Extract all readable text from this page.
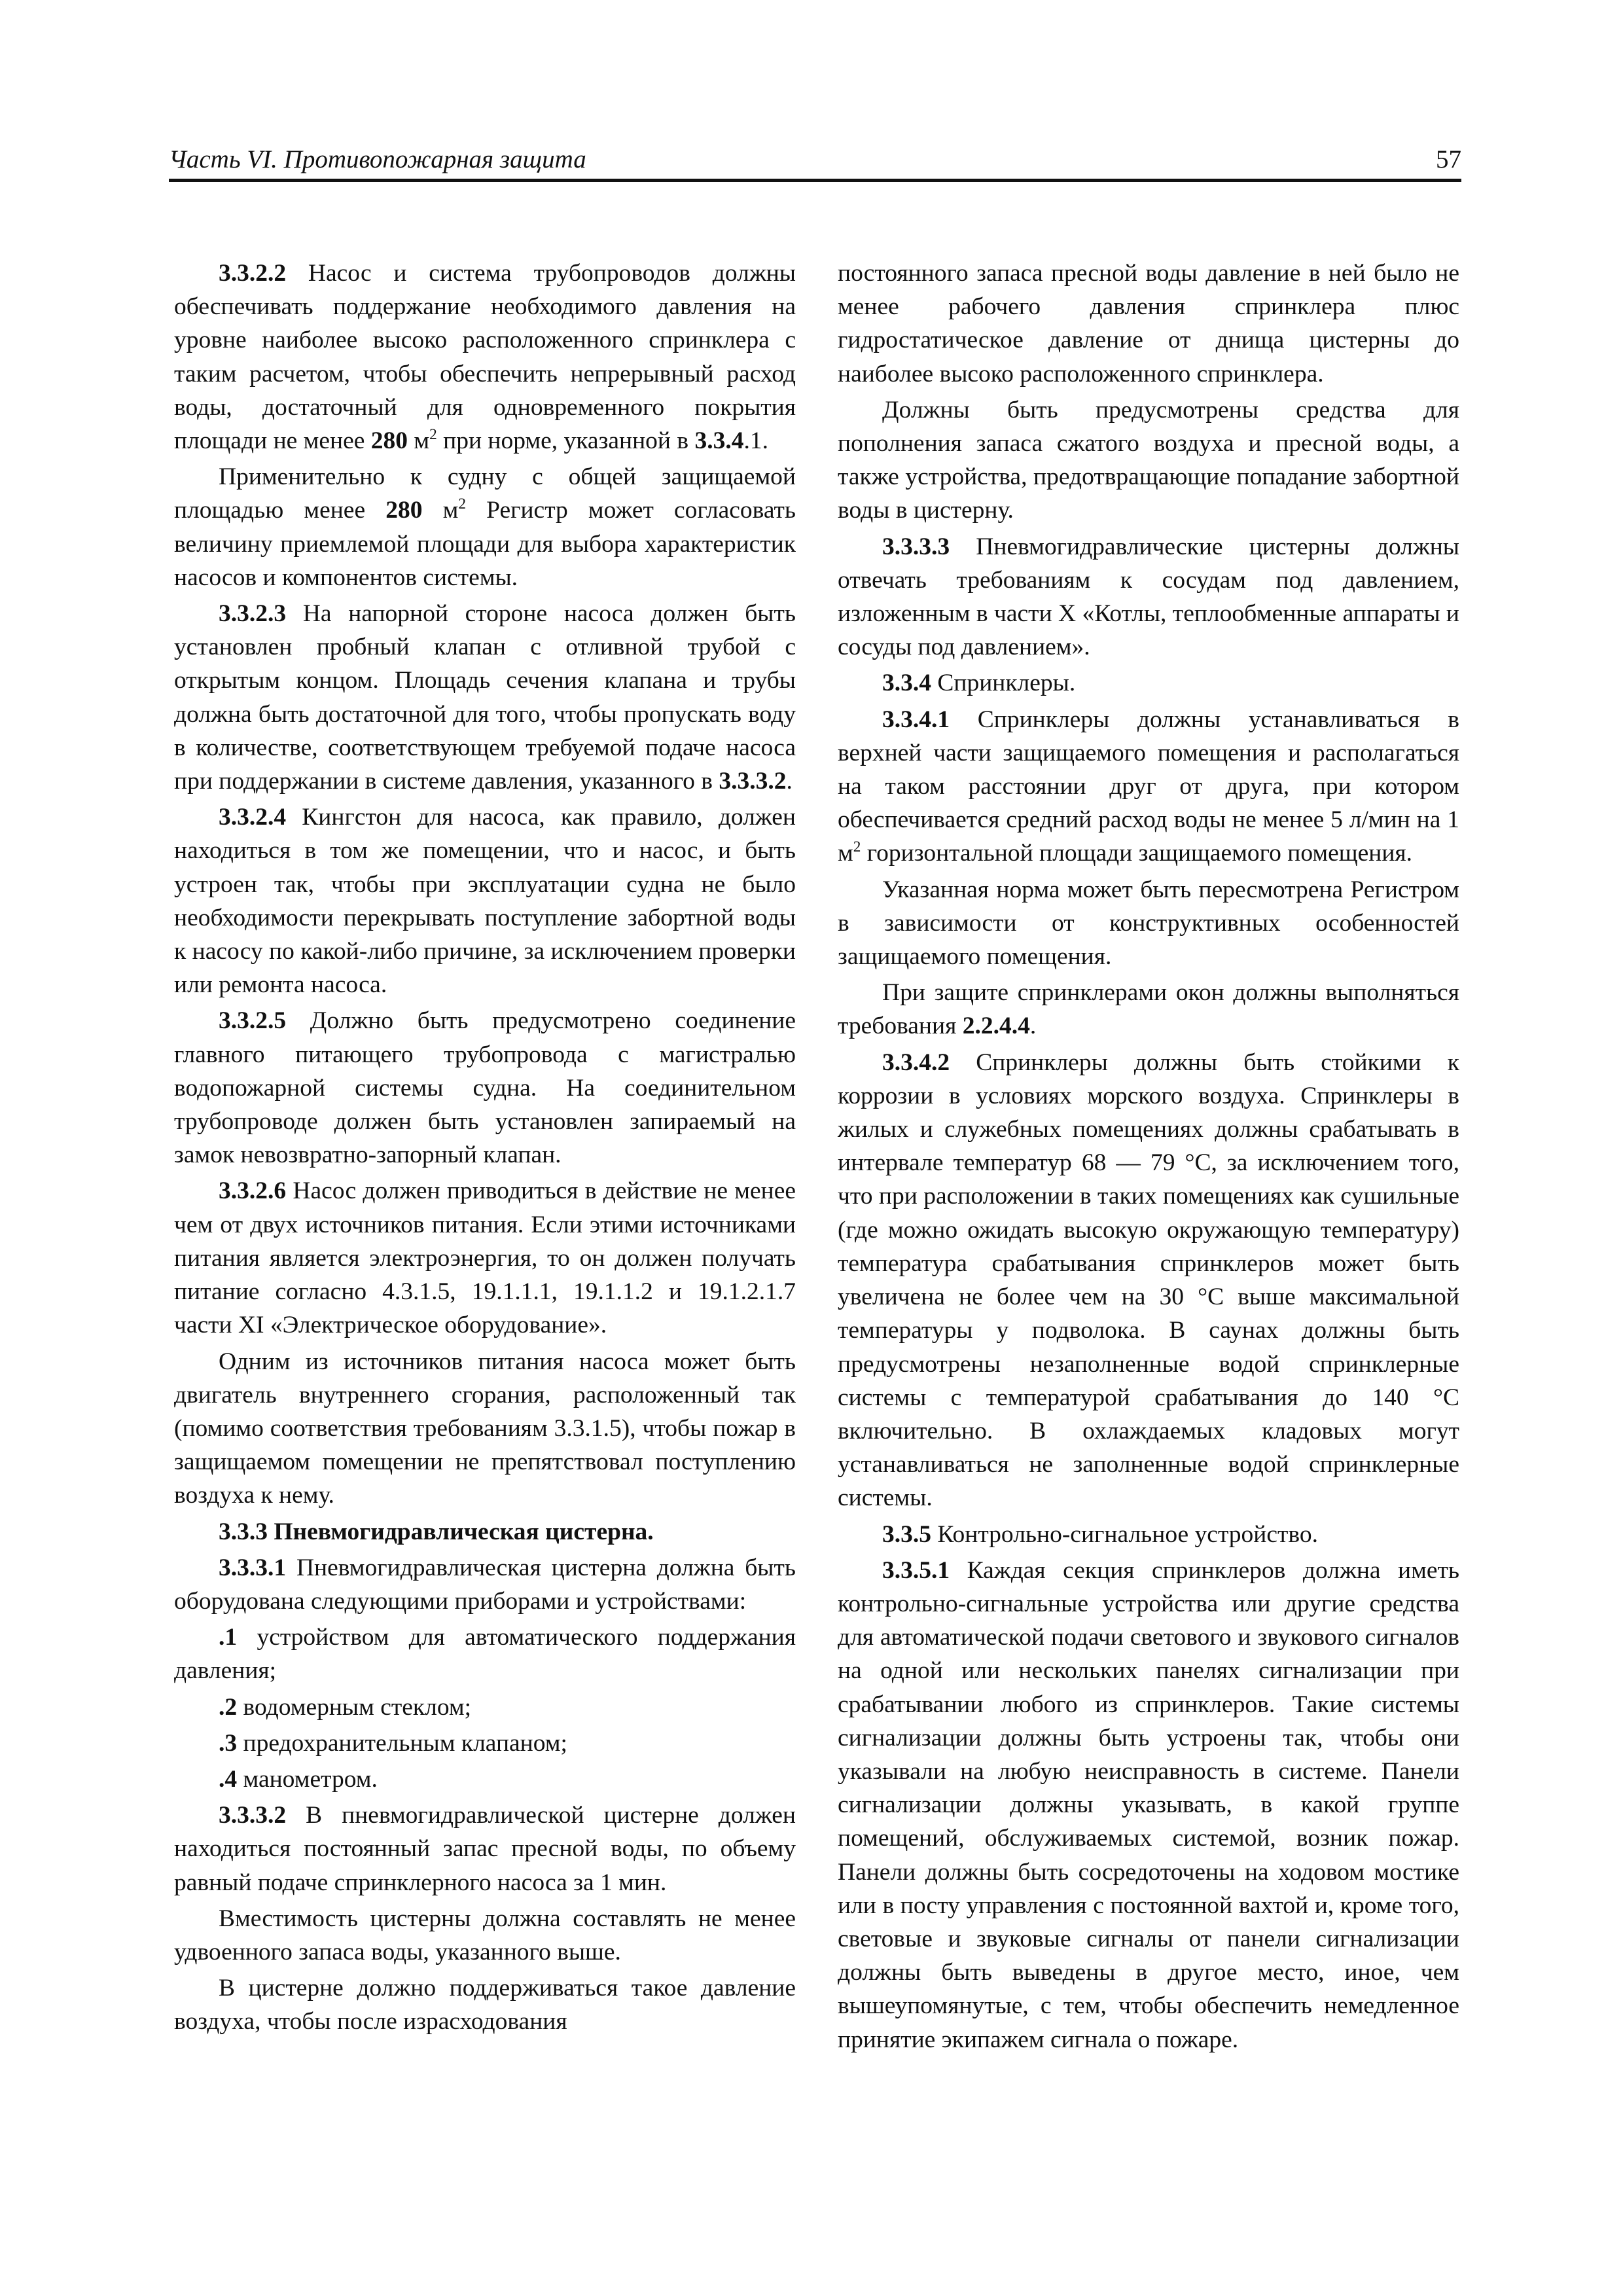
Часть VI. Противопожарная защита	57

3.3.2.2 Насос и система трубопроводов должны обеспечивать поддержание необходимого давления на уровне наиболее высоко расположенного спринклера с таким расчетом, чтобы обеспечить непрерывный расход воды, достаточный для одновременного покрытия площади не менее 280 $м^2$ при норме, указанной в 3.3.4.1.

Применительно к судну с общей защищаемой площадью менее 280 $м^2$ Регистр может согласовать величину приемлемой площади для выбора характеристик насосов и компонентов системы.

3.3.2.3 На напорной стороне насоса должен быть установлен пробный клапан с отливной трубой с открытым концом. Площадь сечения клапана и трубы должна быть достаточной для того, чтобы пропускать воду в количестве, соответствующем требуемой подаче насоса при поддержании в системе давления, указанного в 3.3.3.2.

3.3.2.4 Кингстон для насоса, как правило, должен находиться в том же помещении, что и насос, и быть устроен так, чтобы при эксплуатации судна не было необходимости перекрывать поступление забортной воды к насосу по какой-либо причине, за исключением проверки или ремонта насоса.

3.3.2.5 Должно быть предусмотрено соединение главного питающего трубопровода с магистралью водопожарной системы судна. На соединительном трубопроводе должен быть установлен запираемый на замок невозвратно-запорный клапан.

3.3.2.6 Насос должен приводиться в действие не менее чем от двух источников питания. Если этими источниками питания является электроэнергия, то он должен получать питание согласно 4.3.1.5, 19.1.1.1, 19.1.1.2 и 19.1.2.1.7 части XI «Электрическое оборудование».

Одним из источников питания насоса может быть двигатель внутреннего сгорания, расположенный так (помимо соответствия требованиям 3.3.1.5), чтобы пожар в защищаемом помещении не препятствовал поступлению воздуха к нему.

3.3.3 Пневмогидравлическая цистерна.

3.3.3.1 Пневмогидравлическая цистерна должна быть оборудована следующими приборами и устройствами:

.1 устройством для автоматического поддержания давления;

.2 водомерным стеклом;

.3 предохранительным клапаном;

.4 манометром.

3.3.3.2 В пневмогидравлической цистерне должен находиться постоянный запас пресной воды, по объему равный подаче спринклерного насоса за 1 мин.

Вместимость цистерны должна составлять не менее удвоенного запаса воды, указанного выше.

В цистерне должно поддерживаться такое давление воздуха, чтобы после израсходования

постоянного запаса пресной воды давление в ней было не менее рабочего давления спринклера плюс гидростатическое давление от днища цистерны до наиболее высоко расположенного спринклера.

Должны быть предусмотрены средства для пополнения запаса сжатого воздуха и пресной воды, а также устройства, предотвращающие попадание забортной воды в цистерну.

3.3.3.3 Пневмогидравлические цистерны должны отвечать требованиям к сосудам под давлением, изложенным в части X «Котлы, теплообменные аппараты и сосуды под давлением».

3.3.4 Спринклеры.

3.3.4.1 Спринклеры должны устанавливаться в верхней части защищаемого помещения и располагаться на таком расстоянии друг от друга, при котором обеспечивается средний расход воды не менее 5 л/мин на 1 $м^2$ горизонтальной площади защищаемого помещения.

Указанная норма может быть пересмотрена Регистром в зависимости от конструктивных особенностей защищаемого помещения.

При защите спринклерами окон должны выполняться требования 2.2.4.4.

3.3.4.2 Спринклеры должны быть стойкими к коррозии в условиях морского воздуха. Спринклеры в жилых и служебных помещениях должны срабатывать в интервале температур 68 — 79 °С, за исключением того, что при расположении в таких помещениях как сушильные (где можно ожидать высокую окружающую температуру) температура срабатывания спринклеров может быть увеличена не более чем на 30 °С выше максимальной температуры у подволока. В саунах должны быть предусмотрены незаполненные водой спринклерные системы с температурой срабатывания до 140 °С включительно. В охлаждаемых кладовых могут устанавливаться не заполненные водой спринклерные системы.

3.3.5 Контрольно-сигнальное устройство.

3.3.5.1 Каждая секция спринклеров должна иметь контрольно-сигнальные устройства или другие средства для автоматической подачи светового и звукового сигналов на одной или нескольких панелях сигнализации при срабатывании любого из спринклеров. Такие системы сигнализации должны быть устроены так, чтобы они указывали на любую неисправность в системе. Панели сигнализации должны указывать, в какой группе помещений, обслуживаемых системой, возник пожар. Панели должны быть сосредоточены на ходовом мостике или в посту управления с постоянной вахтой и, кроме того, световые и звуковые сигналы от панели сигнализации должны быть выведены в другое место, иное, чем вышеупомянутые, с тем, чтобы обеспечить немедленное принятие экипажем сигнала о пожаре.
